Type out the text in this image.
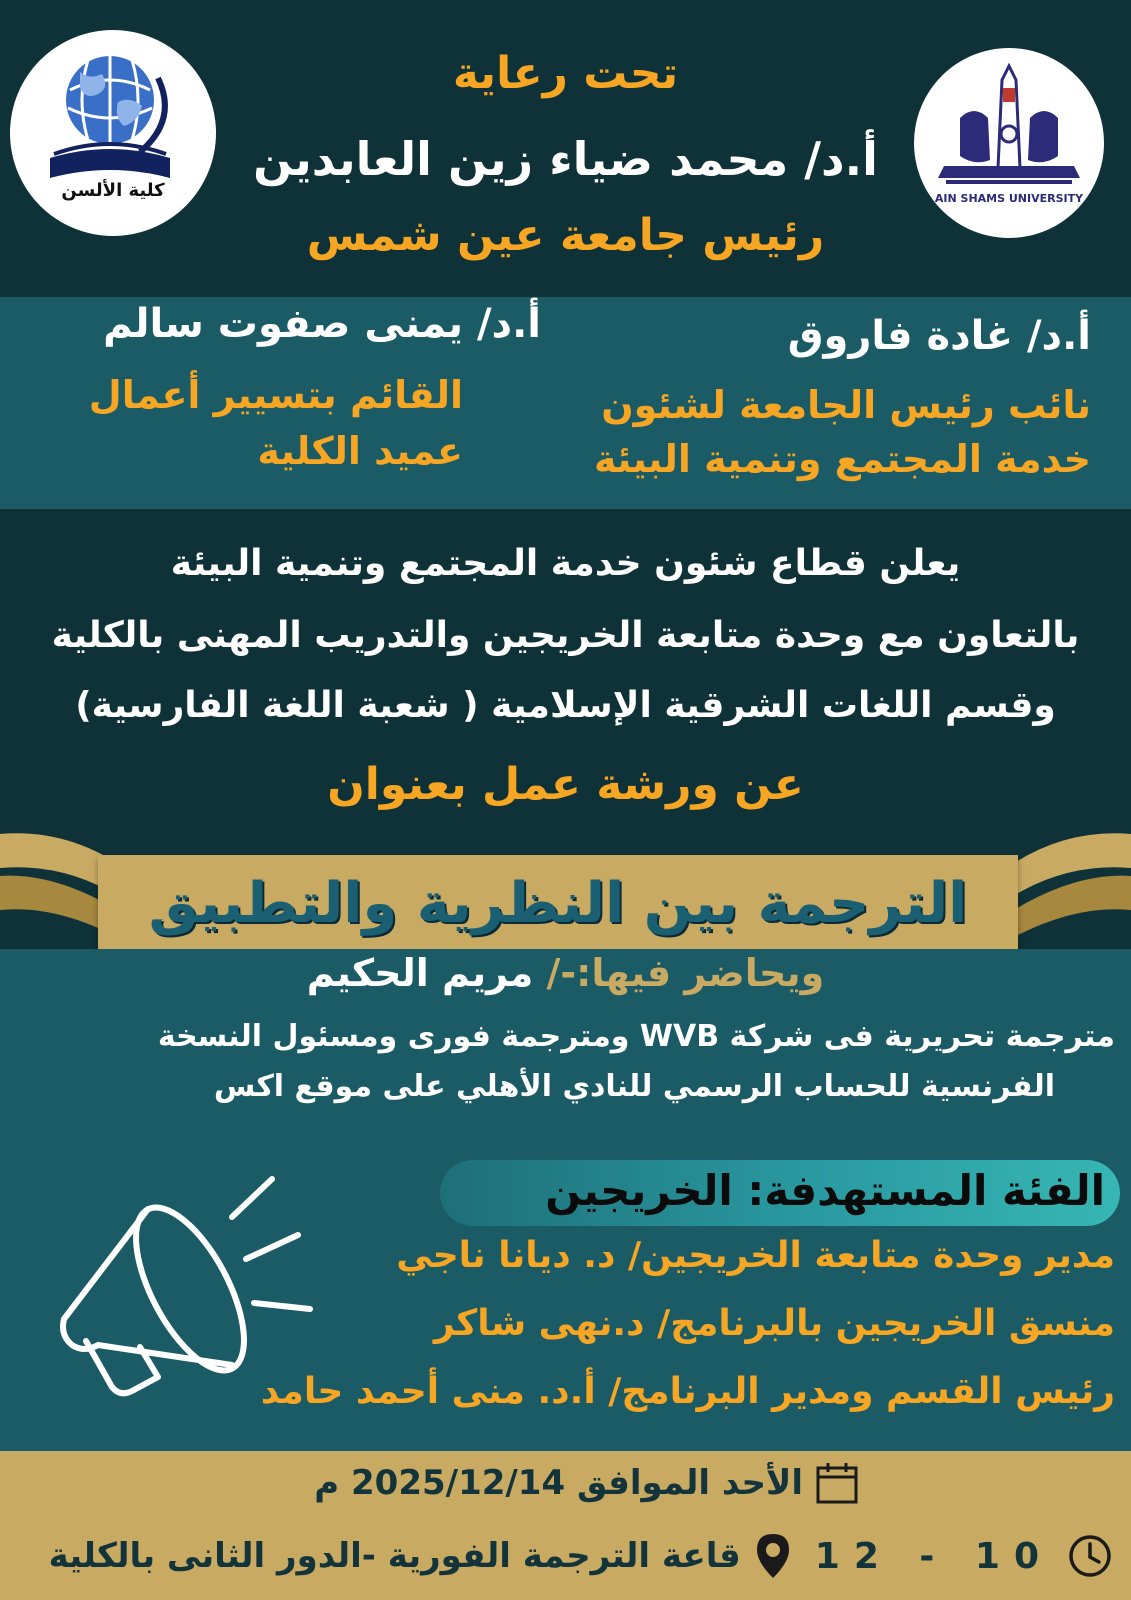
كلية الألسن	AIN SHAMS UNIVERSITY
تحت رعاية
أ.د/ محمد ضياء زين العابدين
رئيس جامعة عين شمس
أ.د/ غادة فاروق
نائب رئيس الجامعة لشئون
خدمة المجتمع وتنمية البيئة
أ.د/ يمنى صفوت سالم
القائم بتسيير أعمال
عميد الكلية
يعلن قطاع شئون خدمة المجتمع وتنمية البيئة
بالتعاون مع وحدة متابعة الخريجين والتدريب المهنى بالكلية
وقسم اللغات الشرقية الإسلامية ( شعبة اللغة الفارسية)
عن ورشة عمل بعنوان
الترجمة بين النظرية والتطبيق
ويحاضر فيها:-/ مريم الحكيم
مترجمة تحريرية فى شركة WVB ومترجمة فورى ومسئول النسخة
الفرنسية للحساب الرسمي للنادي الأهلي على موقع اكس
الفئة المستهدفة: الخريجين
مدير وحدة متابعة الخريجين/ د. ديانا ناجي
منسق الخريجين بالبرنامج/ د.نهى شاكر
رئيس القسم ومدير البرنامج/ أ.د. منى أحمد حامد
الأحد الموافق 2025/12/14 م
12 - 10
قاعة الترجمة الفورية -الدور الثانى بالكلية
